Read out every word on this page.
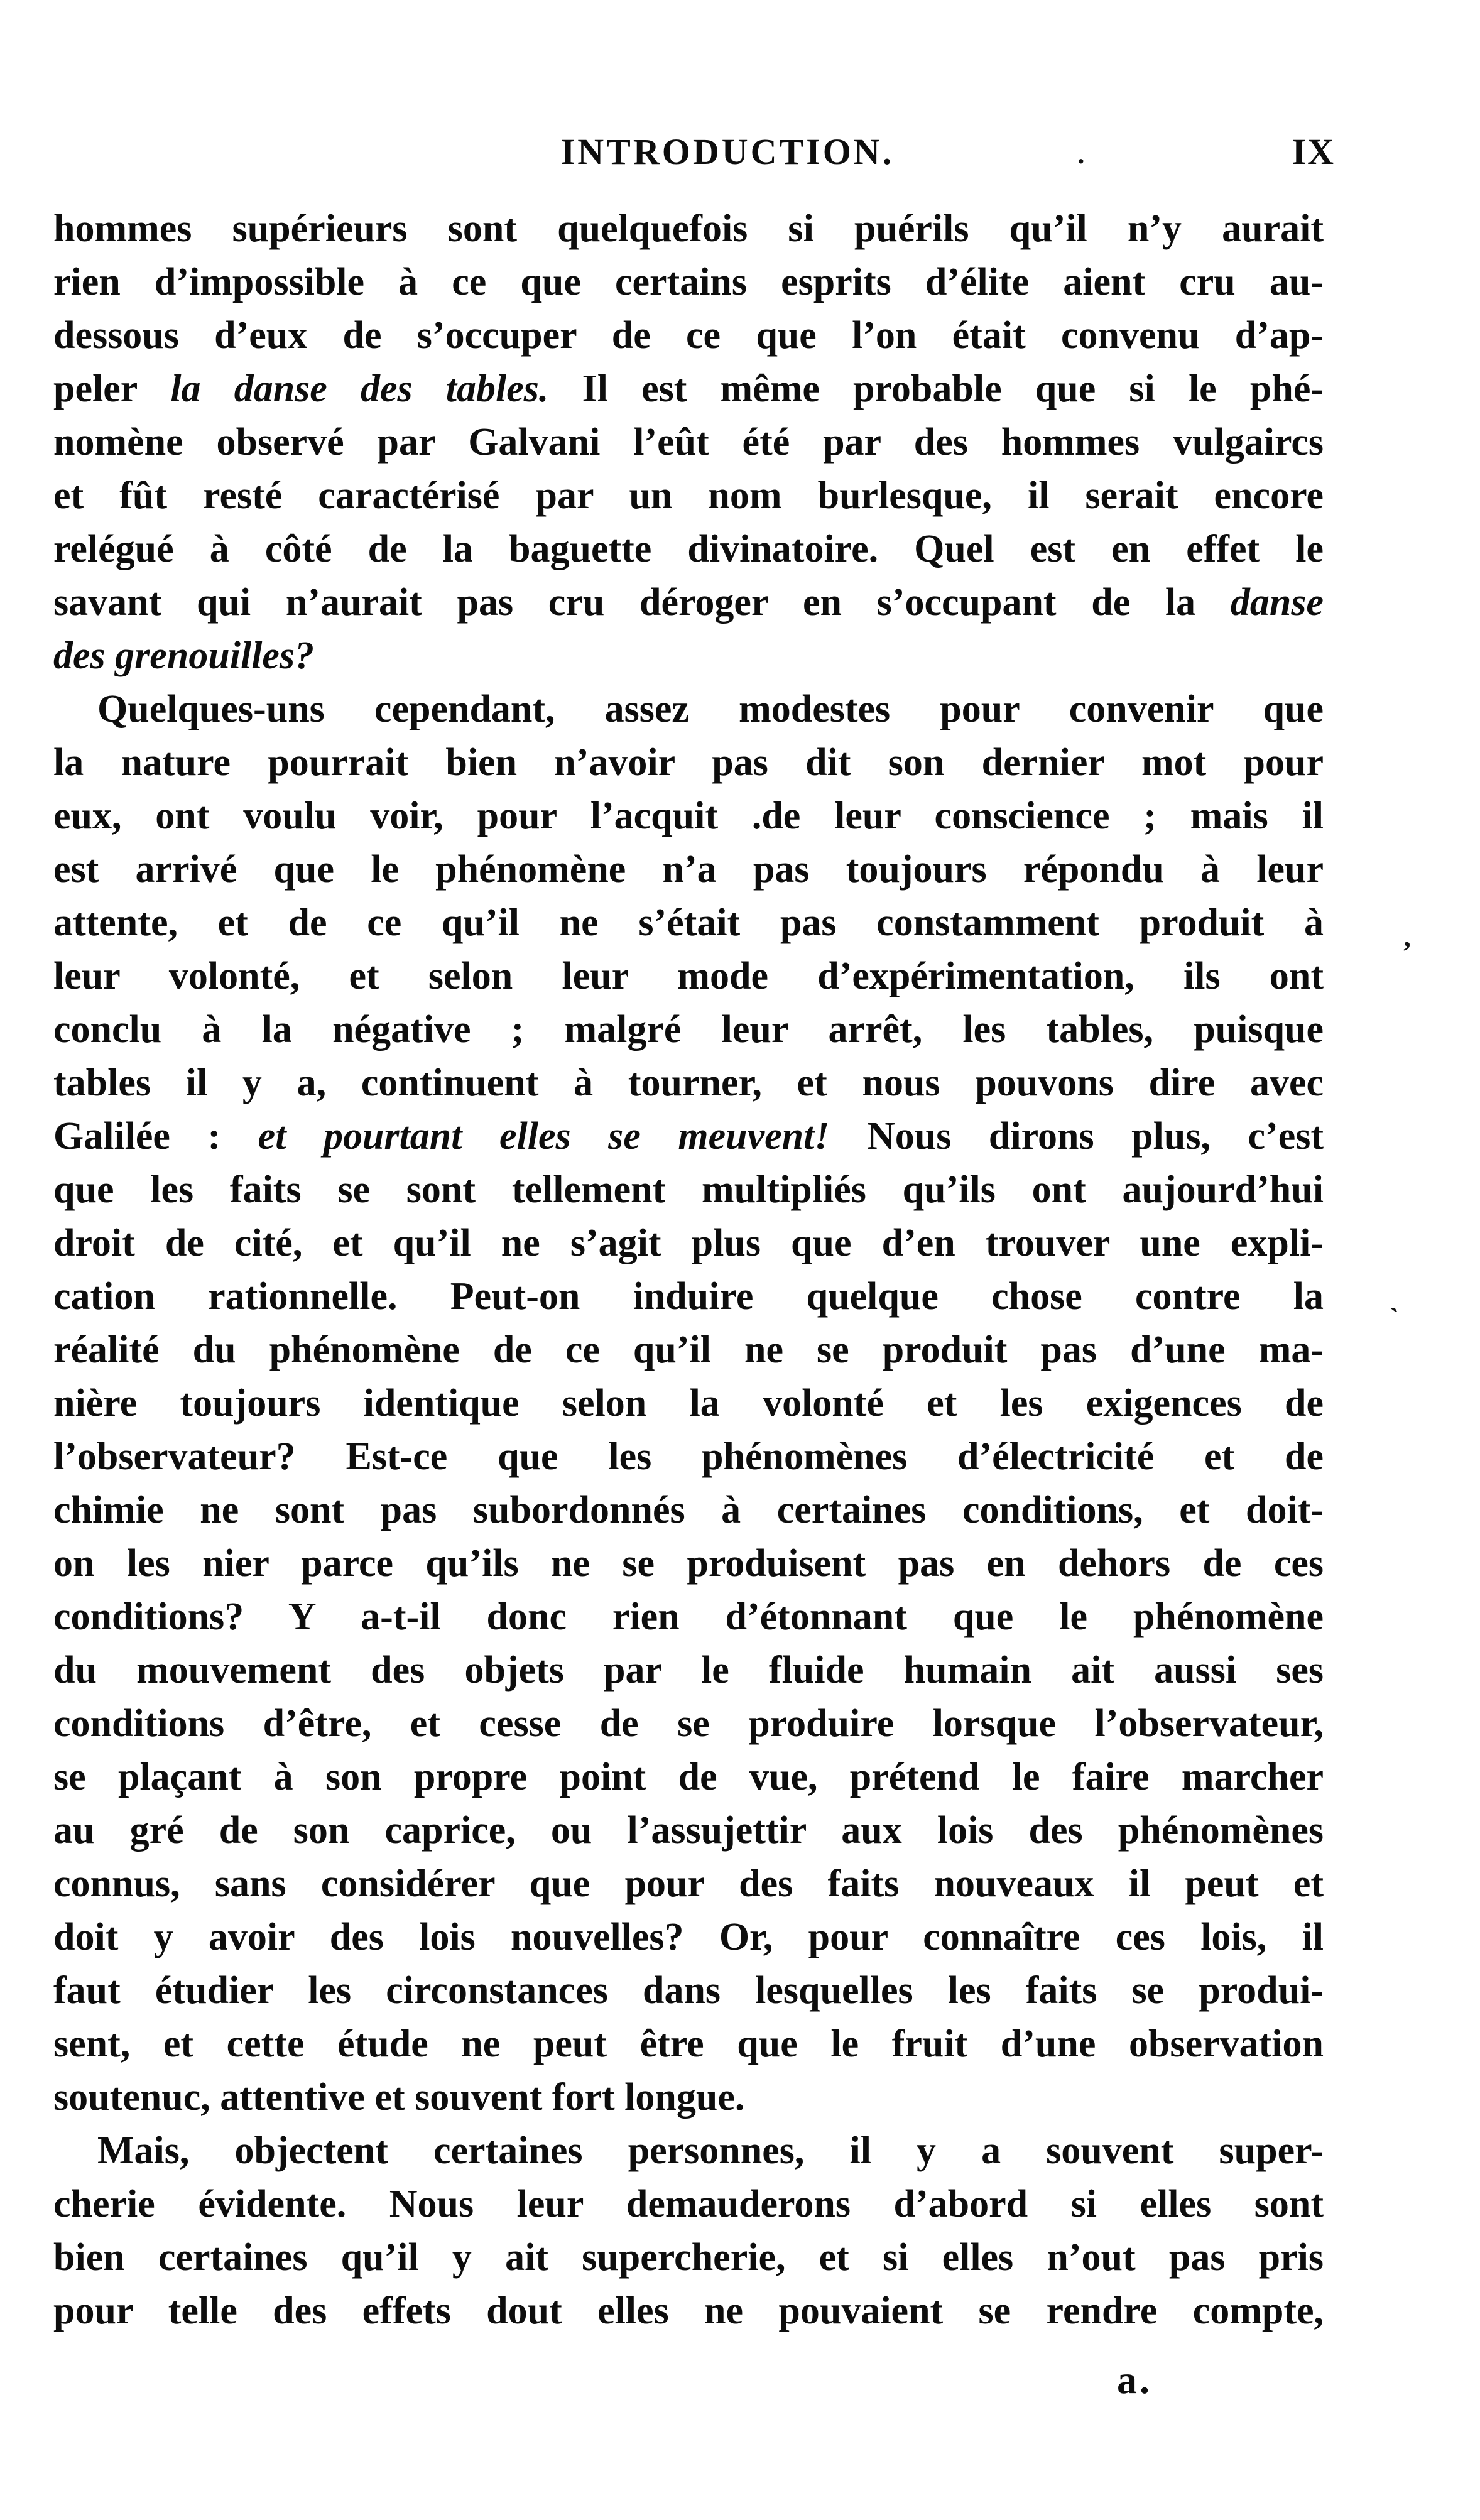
INTRODUCTION.	IX
hommes supérieurs sont quelquefois si puérils qu’il n’y aurait
rien d’impossible à ce que certains esprits d’élite aient cru au-
dessous d’eux de s’occuper de ce que l’on était convenu d’ap-
peler la danse des tables. Il est même probable que si le phé-
nomène observé par Galvani l’eût été par des hommes vulgaircs
et fût resté caractérisé par un nom burlesque, il serait encore
relégué à côté de la baguette divinatoire. Quel est en effet le
savant qui n’aurait pas cru déroger en s’occupant de la danse
des grenouilles?
Quelques-uns cependant, assez modestes pour convenir que
la nature pourrait bien n’avoir pas dit son dernier mot pour
eux, ont voulu voir, pour l’acquit .de leur conscience ; mais il
est arrivé que le phénomène n’a pas toujours répondu à leur
attente, et de ce qu’il ne s’était pas constamment produit à
leur volonté, et selon leur mode d’expérimentation, ils ont
conclu à la négative ; malgré leur arrêt, les tables, puisque
tables il y a, continuent à tourner, et nous pouvons dire avec
Galilée : et pourtant elles se meuvent! Nous dirons plus, c’est
que les faits se sont tellement multipliés qu’ils ont aujourd’hui
droit de cité, et qu’il ne s’agit plus que d’en trouver une expli-
cation rationnelle. Peut-on induire quelque chose contre la
réalité du phénomène de ce qu’il ne se produit pas d’une ma-
nière toujours identique selon la volonté et les exigences de
l’observateur? Est-ce que les phénomènes d’électricité et de
chimie ne sont pas subordonnés à certaines conditions, et doit-
on les nier parce qu’ils ne se produisent pas en dehors de ces
conditions? Y a-t-il donc rien d’étonnant que le phénomène
du mouvement des objets par le fluide humain ait aussi ses
conditions d’être, et cesse de se produire lorsque l’observateur,
se plaçant à son propre point de vue, prétend le faire marcher
au gré de son caprice, ou l’assujettir aux lois des phénomènes
connus, sans considérer que pour des faits nouveaux il peut et
doit y avoir des lois nouvelles? Or, pour connaître ces lois, il
faut étudier les circonstances dans lesquelles les faits se produi-
sent, et cette étude ne peut être que le fruit d’une observation
soutenuc, attentive et souvent fort longue.
Mais, objectent certaines personnes, il y a souvent super-
cherie évidente. Nous leur demauderons d’abord si elles sont
bien certaines qu’il y ait supercherie, et si elles n’out pas pris
pour telle des effets dout elles ne pouvaient se rendre compte,
a.
.
’
ˋ
